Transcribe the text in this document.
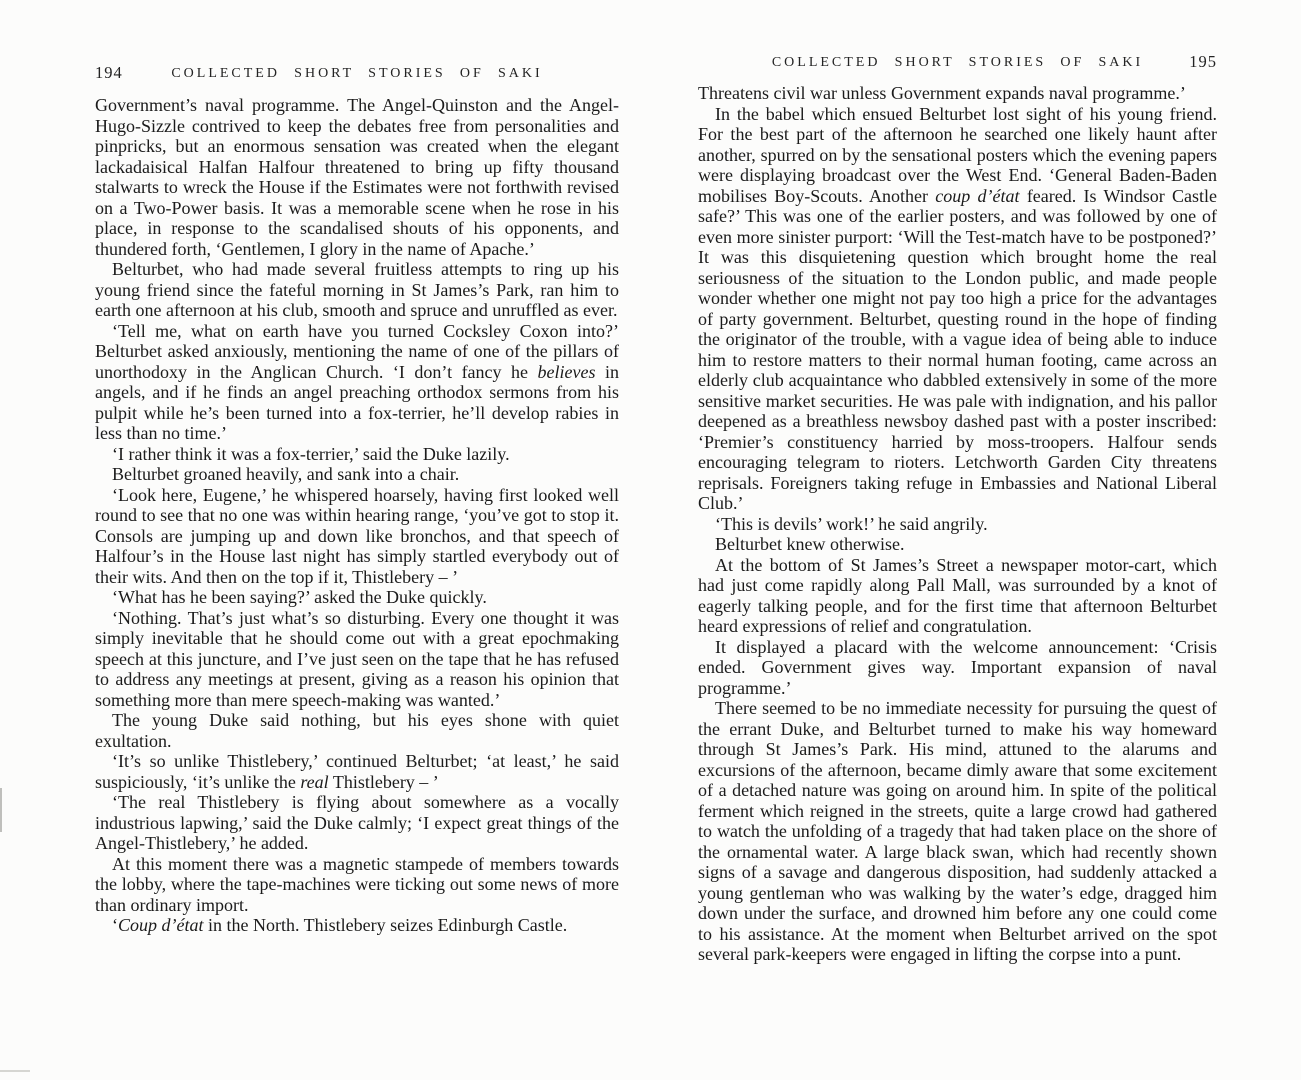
194	COLLECTED SHORT STORIES OF SAKI

Government’s naval programme. The Angel-Quinston and the Angel-Hugo-Sizzle contrived to keep the debates free from personalities and pinpricks, but an enormous sensation was created when the elegant lackadaisical Halfan Halfour threatened to bring up fifty thousand stalwarts to wreck the House if the Estimates were not forthwith revised on a Two-Power basis. It was a memorable scene when he rose in his place, in response to the scandalised shouts of his opponents, and thundered forth, ‘Gentlemen, I glory in the name of Apache.’

Belturbet, who had made several fruitless attempts to ring up his young friend since the fateful morning in St James’s Park, ran him to earth one afternoon at his club, smooth and spruce and unruffled as ever.

‘Tell me, what on earth have you turned Cocksley Coxon into?’ Belturbet asked anxiously, mentioning the name of one of the pillars of unorthodoxy in the Anglican Church. ‘I don’t fancy he believes in angels, and if he finds an angel preaching orthodox sermons from his pulpit while he’s been turned into a fox-terrier, he’ll develop rabies in less than no time.’

‘I rather think it was a fox-terrier,’ said the Duke lazily.

Belturbet groaned heavily, and sank into a chair.

‘Look here, Eugene,’ he whispered hoarsely, having first looked well round to see that no one was within hearing range, ‘you’ve got to stop it. Consols are jumping up and down like bronchos, and that speech of Halfour’s in the House last night has simply startled everybody out of their wits. And then on the top if it, Thistlebery – ’

‘What has he been saying?’ asked the Duke quickly.

‘Nothing. That’s just what’s so disturbing. Every one thought it was simply inevitable that he should come out with a great epochmaking speech at this juncture, and I’ve just seen on the tape that he has refused to address any meetings at present, giving as a reason his opinion that something more than mere speech-making was wanted.’

The young Duke said nothing, but his eyes shone with quiet exultation.

‘It’s so unlike Thistlebery,’ continued Belturbet; ‘at least,’ he said suspiciously, ‘it’s unlike the real Thistlebery – ’

‘The real Thistlebery is flying about somewhere as a vocally industrious lapwing,’ said the Duke calmly; ‘I expect great things of the Angel-Thistlebery,’ he added.

At this moment there was a magnetic stampede of members towards the lobby, where the tape-machines were ticking out some news of more than ordinary import.

‘Coup d’état in the North. Thistlebery seizes Edinburgh Castle.

COLLECTED SHORT STORIES OF SAKI	195

Threatens civil war unless Government expands naval programme.’

In the babel which ensued Belturbet lost sight of his young friend. For the best part of the afternoon he searched one likely haunt after another, spurred on by the sensational posters which the evening papers were displaying broadcast over the West End. ‘General Baden-Baden mobilises Boy-Scouts. Another coup d’état feared. Is Windsor Castle safe?’ This was one of the earlier posters, and was followed by one of even more sinister purport: ‘Will the Test-match have to be postponed?’ It was this disquietening question which brought home the real seriousness of the situation to the London public, and made people wonder whether one might not pay too high a price for the advantages of party government. Belturbet, questing round in the hope of finding the originator of the trouble, with a vague idea of being able to induce him to restore matters to their normal human footing, came across an elderly club acquaintance who dabbled extensively in some of the more sensitive market securities. He was pale with indignation, and his pallor deepened as a breathless newsboy dashed past with a poster inscribed: ‘Premier’s constituency harried by moss-troopers. Halfour sends encouraging telegram to rioters. Letchworth Garden City threatens reprisals. Foreigners taking refuge in Embassies and National Liberal Club.’

‘This is devils’ work!’ he said angrily.

Belturbet knew otherwise.

At the bottom of St James’s Street a newspaper motor-cart, which had just come rapidly along Pall Mall, was surrounded by a knot of eagerly talking people, and for the first time that afternoon Belturbet heard expressions of relief and congratulation.

It displayed a placard with the welcome announcement: ‘Crisis ended. Government gives way. Important expansion of naval programme.’

There seemed to be no immediate necessity for pursuing the quest of the errant Duke, and Belturbet turned to make his way homeward through St James’s Park. His mind, attuned to the alarums and excursions of the afternoon, became dimly aware that some excitement of a detached nature was going on around him. In spite of the political ferment which reigned in the streets, quite a large crowd had gathered to watch the unfolding of a tragedy that had taken place on the shore of the ornamental water. A large black swan, which had recently shown signs of a savage and dangerous disposition, had suddenly attacked a young gentleman who was walking by the water’s edge, dragged him down under the surface, and drowned him before any one could come to his assistance. At the moment when Belturbet arrived on the spot several park-keepers were engaged in lifting the corpse into a punt.
